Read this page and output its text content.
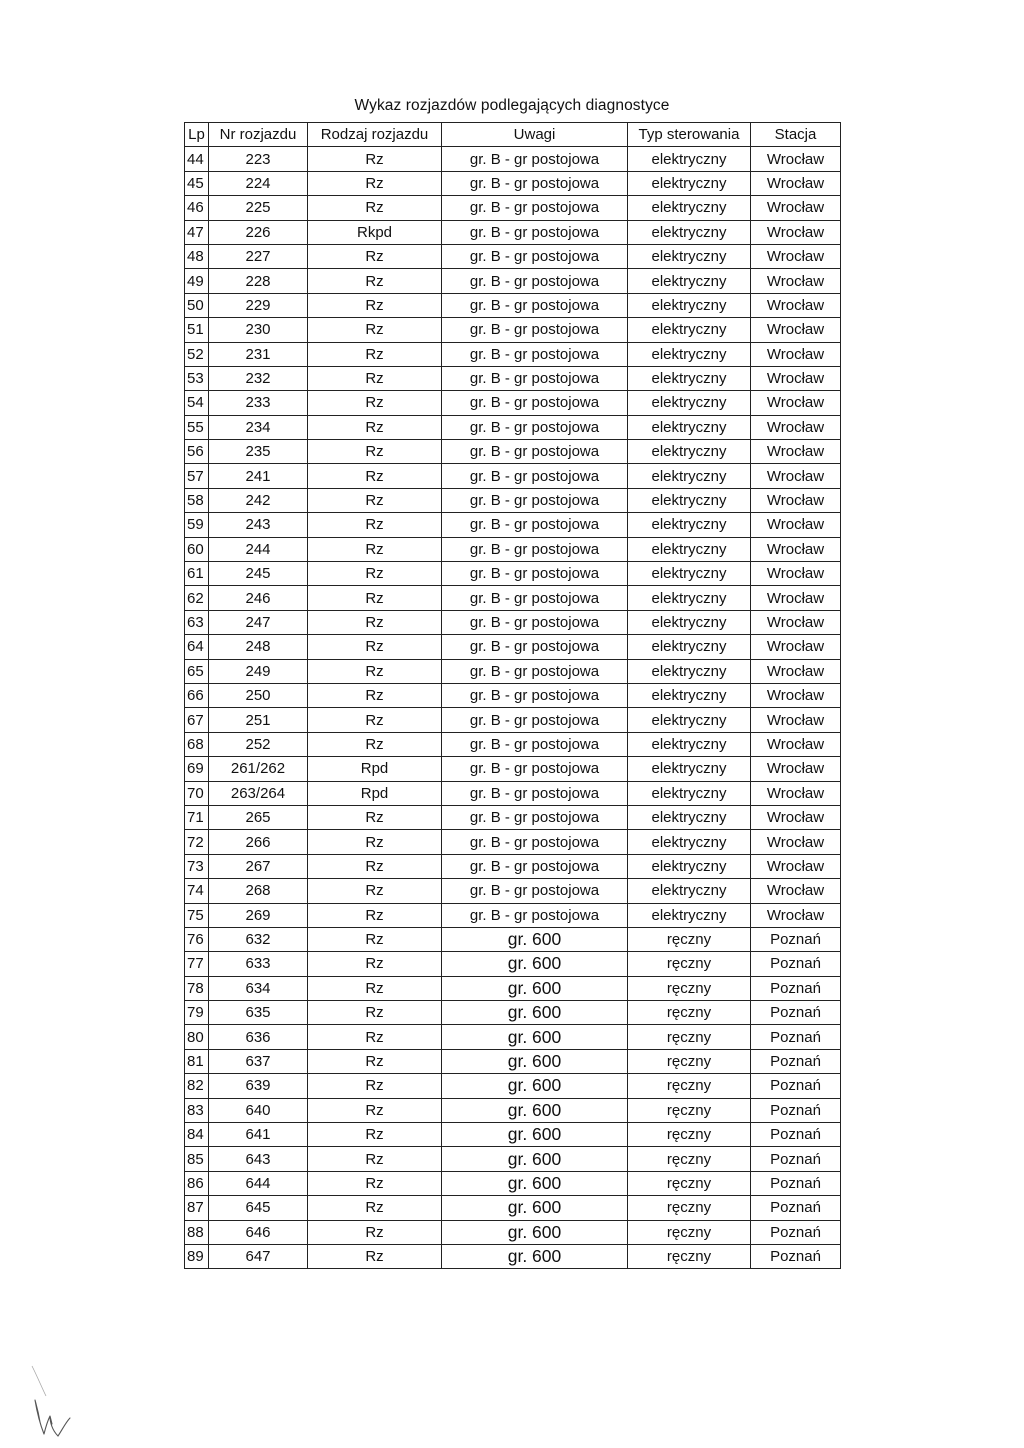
Wykaz rozjazdów podlegających diagnostyce
Lp	Nr rozjazdu	Rodzaj rozjazdu	Uwagi	Typ sterowania	Stacja
44	223	Rz	gr. B - gr postojowa	elektryczny	Wrocław
45	224	Rz	gr. B - gr postojowa	elektryczny	Wrocław
46	225	Rz	gr. B - gr postojowa	elektryczny	Wrocław
47	226	Rkpd	gr. B - gr postojowa	elektryczny	Wrocław
48	227	Rz	gr. B - gr postojowa	elektryczny	Wrocław
49	228	Rz	gr. B - gr postojowa	elektryczny	Wrocław
50	229	Rz	gr. B - gr postojowa	elektryczny	Wrocław
51	230	Rz	gr. B - gr postojowa	elektryczny	Wrocław
52	231	Rz	gr. B - gr postojowa	elektryczny	Wrocław
53	232	Rz	gr. B - gr postojowa	elektryczny	Wrocław
54	233	Rz	gr. B - gr postojowa	elektryczny	Wrocław
55	234	Rz	gr. B - gr postojowa	elektryczny	Wrocław
56	235	Rz	gr. B - gr postojowa	elektryczny	Wrocław
57	241	Rz	gr. B - gr postojowa	elektryczny	Wrocław
58	242	Rz	gr. B - gr postojowa	elektryczny	Wrocław
59	243	Rz	gr. B - gr postojowa	elektryczny	Wrocław
60	244	Rz	gr. B - gr postojowa	elektryczny	Wrocław
61	245	Rz	gr. B - gr postojowa	elektryczny	Wrocław
62	246	Rz	gr. B - gr postojowa	elektryczny	Wrocław
63	247	Rz	gr. B - gr postojowa	elektryczny	Wrocław
64	248	Rz	gr. B - gr postojowa	elektryczny	Wrocław
65	249	Rz	gr. B - gr postojowa	elektryczny	Wrocław
66	250	Rz	gr. B - gr postojowa	elektryczny	Wrocław
67	251	Rz	gr. B - gr postojowa	elektryczny	Wrocław
68	252	Rz	gr. B - gr postojowa	elektryczny	Wrocław
69	261/262	Rpd	gr. B - gr postojowa	elektryczny	Wrocław
70	263/264	Rpd	gr. B - gr postojowa	elektryczny	Wrocław
71	265	Rz	gr. B - gr postojowa	elektryczny	Wrocław
72	266	Rz	gr. B - gr postojowa	elektryczny	Wrocław
73	267	Rz	gr. B - gr postojowa	elektryczny	Wrocław
74	268	Rz	gr. B - gr postojowa	elektryczny	Wrocław
75	269	Rz	gr. B - gr postojowa	elektryczny	Wrocław
76	632	Rz	gr. 600	ręczny	Poznań
77	633	Rz	gr. 600	ręczny	Poznań
78	634	Rz	gr. 600	ręczny	Poznań
79	635	Rz	gr. 600	ręczny	Poznań
80	636	Rz	gr. 600	ręczny	Poznań
81	637	Rz	gr. 600	ręczny	Poznań
82	639	Rz	gr. 600	ręczny	Poznań
83	640	Rz	gr. 600	ręczny	Poznań
84	641	Rz	gr. 600	ręczny	Poznań
85	643	Rz	gr. 600	ręczny	Poznań
86	644	Rz	gr. 600	ręczny	Poznań
87	645	Rz	gr. 600	ręczny	Poznań
88	646	Rz	gr. 600	ręczny	Poznań
89	647	Rz	gr. 600	ręczny	Poznań
